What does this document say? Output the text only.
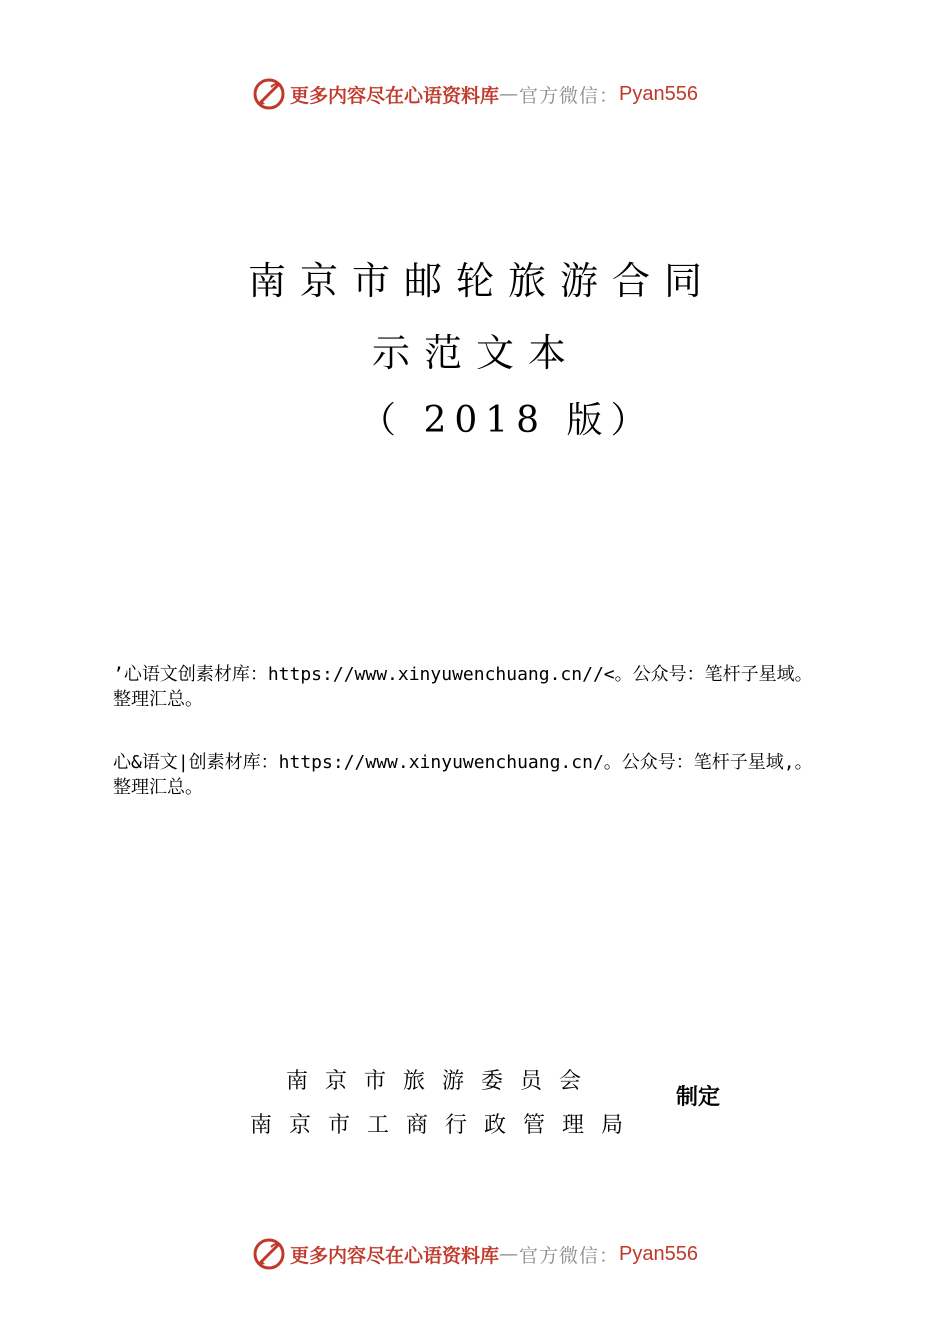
更多内容尽在心语资料库 — 官方微信： Pyan556
南京市邮轮旅游合同
示范文本
（ 2018 版）
’心语文创素材库：https://www.xinyuwenchuang.cn//<。公众号：笔杆子星域。
整理汇总。
心&语文|创素材库：https://www.xinyuwenchuang.cn/。公众号：笔杆子星域,。
整理汇总。
南京市旅游委员会
南京市工商行政管理局
制定
更多内容尽在心语资料库 — 官方微信： Pyan556
